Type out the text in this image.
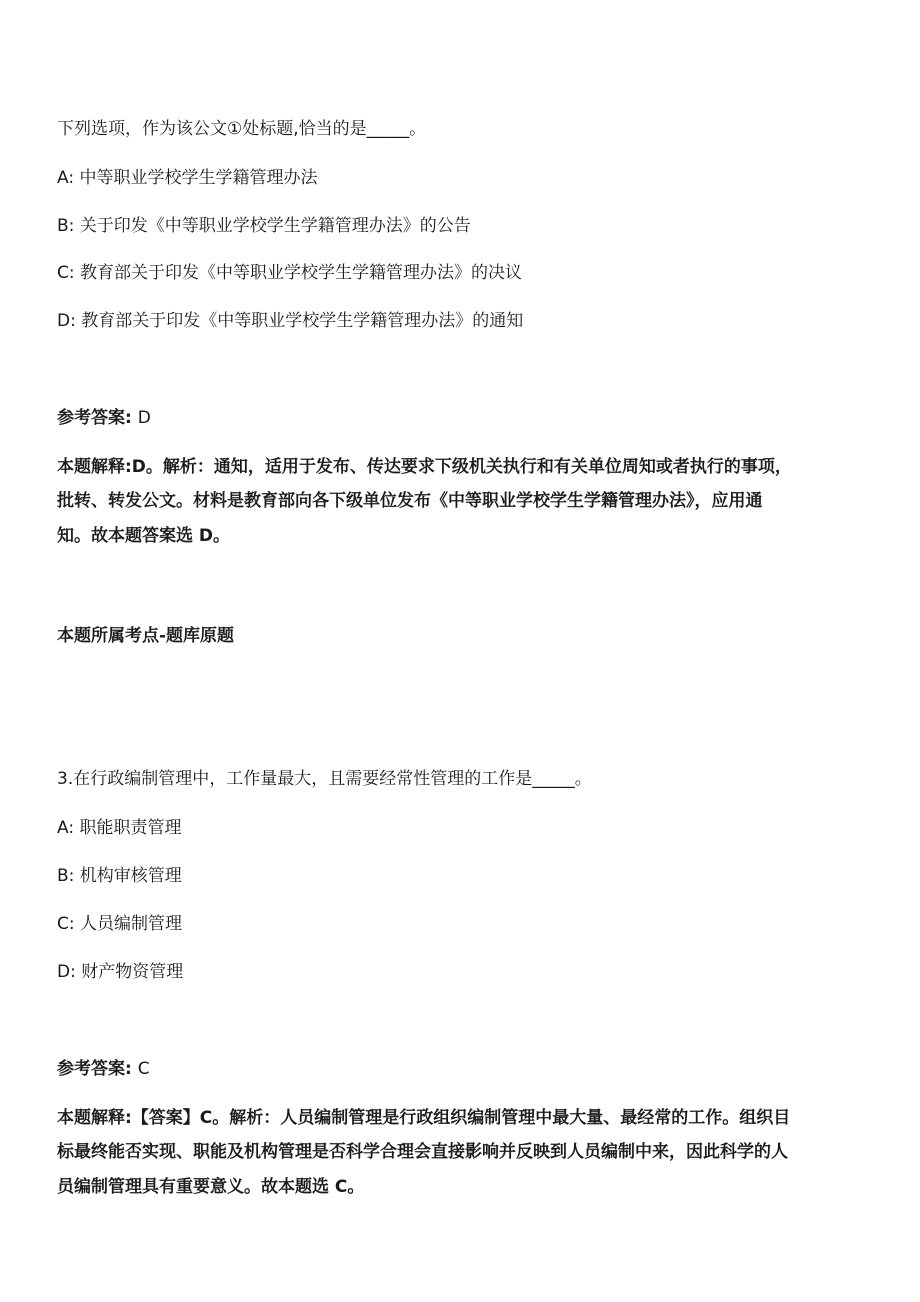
下列选项，作为该公文①处标题,恰当的是_____。

A: 中等职业学校学生学籍管理办法

B: 关于印发《中等职业学校学生学籍管理办法》的公告

C: 教育部关于印发《中等职业学校学生学籍管理办法》的决议

D: 教育部关于印发《中等职业学校学生学籍管理办法》的通知

参考答案: D

本题解释:D。解析：通知，适用于发布、传达要求下级机关执行和有关单位周知或者执行的事项，

批转、转发公文。材料是教育部向各下级单位发布《中等职业学校学生学籍管理办法》，应用通

知。故本题答案选 D。

本题所属考点-题库原题

3.在行政编制管理中，工作量最大，且需要经常性管理的工作是_____。

A: 职能职责管理

B: 机构审核管理

C: 人员编制管理

D: 财产物资管理

参考答案: C

本题解释:【答案】C。解析：人员编制管理是行政组织编制管理中最大量、最经常的工作。组织目

标最终能否实现、职能及机构管理是否科学合理会直接影响并反映到人员编制中来，因此科学的人

员编制管理具有重要意义。故本题选 C。
